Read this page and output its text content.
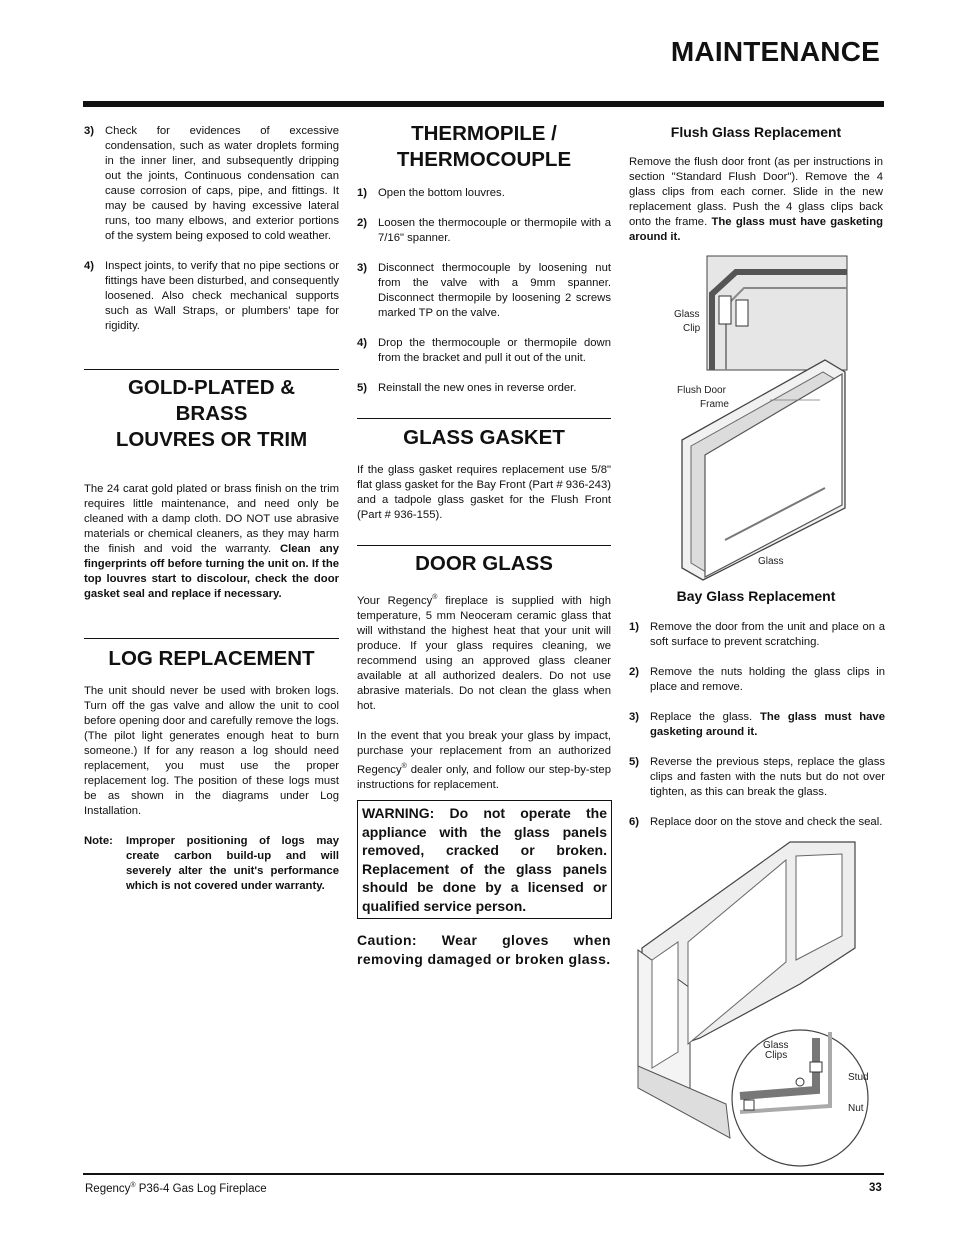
MAINTENANCE
3) Check for evidences of excessive condensation, such as water droplets forming in the inner liner, and subsequently dripping out the joints, Continuous condensation can cause corrosion of caps, pipe, and fittings. It may be caused by having excessive lateral runs, too many elbows, and exterior portions of the system being exposed to cold weather.
4) Inspect joints, to verify that no pipe sections or fittings have been disturbed, and consequently loosened. Also check mechanical supports such as Wall Straps, or plumbers' tape for rigidity.
GOLD-PLATED &
BRASS
LOUVRES OR TRIM

The 24 carat gold plated or brass finish on the trim requires little maintenance, and need only be cleaned with a damp cloth. DO NOT use abrasive materials or chemical cleaners, as they may harm the finish and void the warranty. Clean any fingerprints off before turning the unit on. If the top louvres start to discolour, check the door gasket seal and replace if necessary.

LOG REPLACEMENT

The unit should never be used with broken logs. Turn off the gas valve and allow the unit to cool before opening door and carefully remove the logs. (The pilot light generates enough heat to burn someone.) If for any reason a log should need replacement, you must use the proper replacement log. The position of these logs must be as shown in the diagrams under Log Installation.

Note:	Improper positioning of logs may create carbon build-up and will severely alter the unit's performance which is not covered under warranty.
THERMOPILE /
THERMOCOUPLE
1) Open the bottom louvres.
2) Loosen the thermocouple or thermopile with a 7/16" spanner.
3) Disconnect thermocouple by loosening nut from the valve with a 9mm spanner. Disconnect thermopile by loosening 2 screws marked TP on the valve.
4) Drop the thermocouple or thermopile down from the bracket and pull it out of the unit.
5) Reinstall the new ones in reverse order.
GLASS GASKET

If the glass gasket requires replacement use 5/8" flat glass gasket for the Bay Front (Part # 936-243) and a tadpole glass gasket for the Flush Front (Part # 936-155).

DOOR GLASS

Your Regency® fireplace is supplied with high temperature, 5 mm Neoceram ceramic glass that will withstand the highest heat that your unit will produce. If your glass requires cleaning, we recommend using an approved glass cleaner available at all authorized dealers. Do not use abrasive materials. Do not clean the glass when hot.

In the event that you break your glass by impact, purchase your replacement from an authorized Regency® dealer only, and follow our step-by-step instructions for replacement.

WARNING: Do not operate the appliance with the glass panels removed, cracked or broken. Replacement of the glass panels should be done by a licensed or qualified service person.
Caution: Wear gloves when removing damaged or broken glass.
Flush Glass Replacement

Remove the flush door front (as per instructions in section "Standard Flush Door"). Remove the 4 glass clips from each corner. Slide in the new replacement glass. Push the 4 glass clips back onto the frame. The glass must have gasketing around it.

Glass
Clip
Flush Door
Frame
Glass
Bay Glass Replacement
1) Remove the door from the unit and place on a soft surface to prevent scratching.
2) Remove the nuts holding the glass clips in place and remove.
3) Replace the glass. The glass must have gasketing around it.
5) Reverse the previous steps, replace the glass clips and fasten with the nuts but do not over tighten, as this can break the glass.
6) Replace door on the stove and check the seal.
Glass
Clips
Stud
Nut
Regency® P36-4 Gas Log Fireplace	33
